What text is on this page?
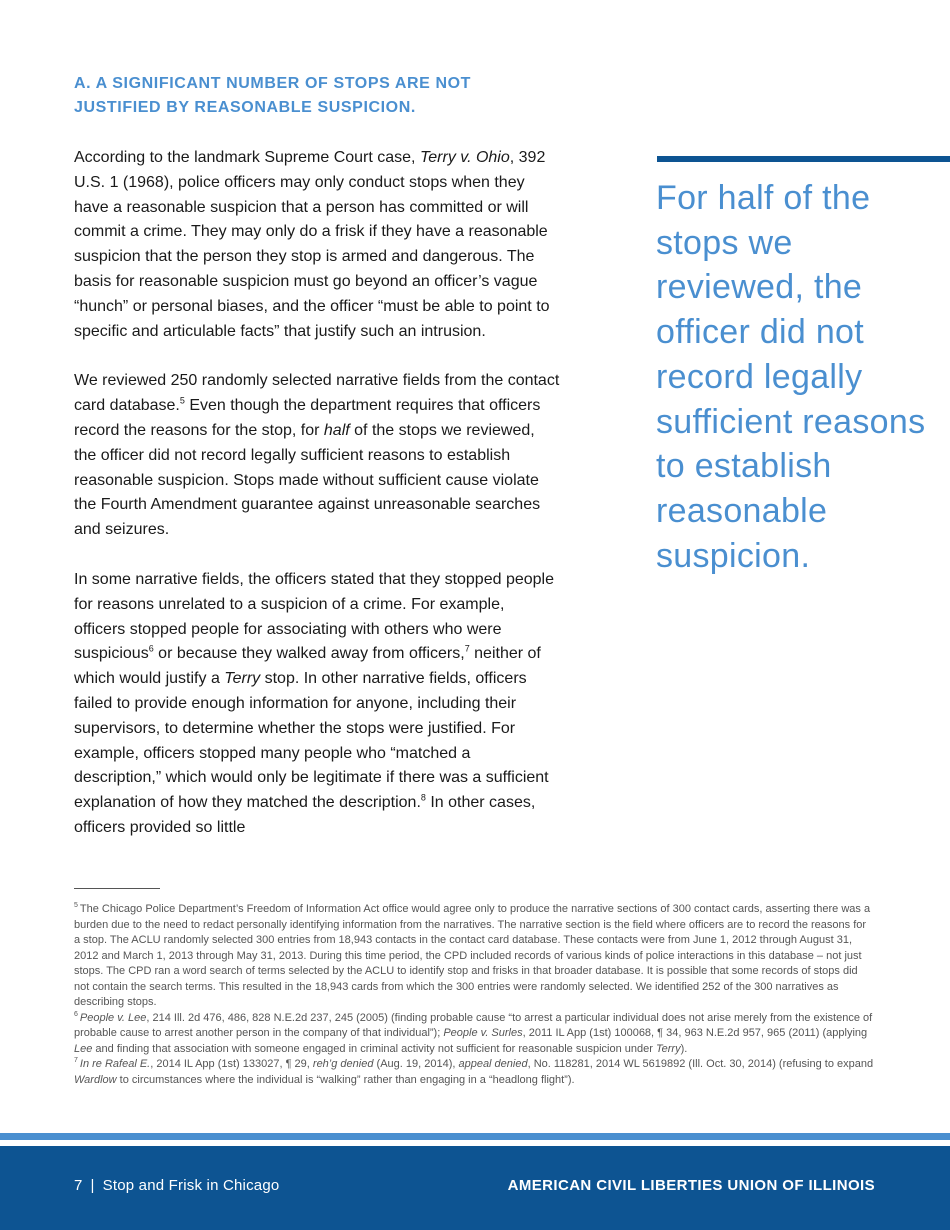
A. A SIGNIFICANT NUMBER OF STOPS ARE NOT
JUSTIFIED BY REASONABLE SUSPICION.

According to the landmark Supreme Court case, Terry v. Ohio, 392 U.S. 1 (1968), police officers may only conduct stops when they have a reasonable suspicion that a person has committed or will commit a crime. They may only do a frisk if they have a reasonable suspicion that the person they stop is armed and dangerous. The basis for reasonable suspicion must go beyond an officer’s vague “hunch” or personal biases, and the officer “must be able to point to specific and articulable facts” that justify such an intrusion.

We reviewed 250 randomly selected narrative fields from the contact card database.$^5$ Even though the department requires that officers record the reasons for the stop, for half of the stops we reviewed, the officer did not record legally sufficient reasons to establish reasonable suspicion. Stops made without sufficient cause violate the Fourth Amendment guarantee against unreasonable searches and seizures.

In some narrative fields, the officers stated that they stopped people for reasons unrelated to a suspicion of a crime. For example, officers stopped people for associating with others who were suspicious$^6$ or because they walked away from officers,$^7$ neither of which would justify a Terry stop. In other narrative fields, officers failed to provide enough information for anyone, including their supervisors, to determine whether the stops were justified. For example, officers stopped many people who “matched a description,” which would only be legitimate if there was a sufficient explanation of how they matched the description.$^8$ In other cases, officers provided so little

For half of the stops we reviewed, the officer did not record legally sufficient reasons to establish reasonable suspicion.

$^5$ The Chicago Police Department’s Freedom of Information Act office would agree only to produce the narrative sections of 300 contact cards, asserting there was a burden due to the need to redact personally identifying information from the narratives. The narrative section is the field where officers are to record the reasons for a stop. The ACLU randomly selected 300 entries from 18,943 contacts in the contact card database. These contacts were from June 1, 2012 through August 31, 2012 and March 1, 2013 through May 31, 2013. During this time period, the CPD included records of various kinds of police interactions in this database – not just stops. The CPD ran a word search of terms selected by the ACLU to identify stop and frisks in that broader database. It is possible that some records of stops did not contain the search terms. This resulted in the 18,943 cards from which the 300 entries were randomly selected. We identified 252 of the 300 narratives as describing stops.

$^6$ People v. Lee, 214 Ill. 2d 476, 486, 828 N.E.2d 237, 245 (2005) (finding probable cause “to arrest a particular individual does not arise merely from the existence of probable cause to arrest another person in the company of that individual”); People v. Surles, 2011 IL App (1st) 100068, ¶ 34, 963 N.E.2d 957, 965 (2011) (applying Lee and finding that association with someone engaged in criminal activity not sufficient for reasonable suspicion under Terry).

$^7$ In re Rafeal E., 2014 IL App (1st) 133027, ¶ 29, reh’g denied (Aug. 19, 2014), appeal denied, No. 118281, 2014 WL 5619892 (Ill. Oct. 30, 2014) (refusing to expand Wardlow to circumstances where the individual is “walking” rather than engaging in a “headlong flight”).

7 | Stop and Frisk in Chicago	AMERICAN CIVIL LIBERTIES UNION OF ILLINOIS
